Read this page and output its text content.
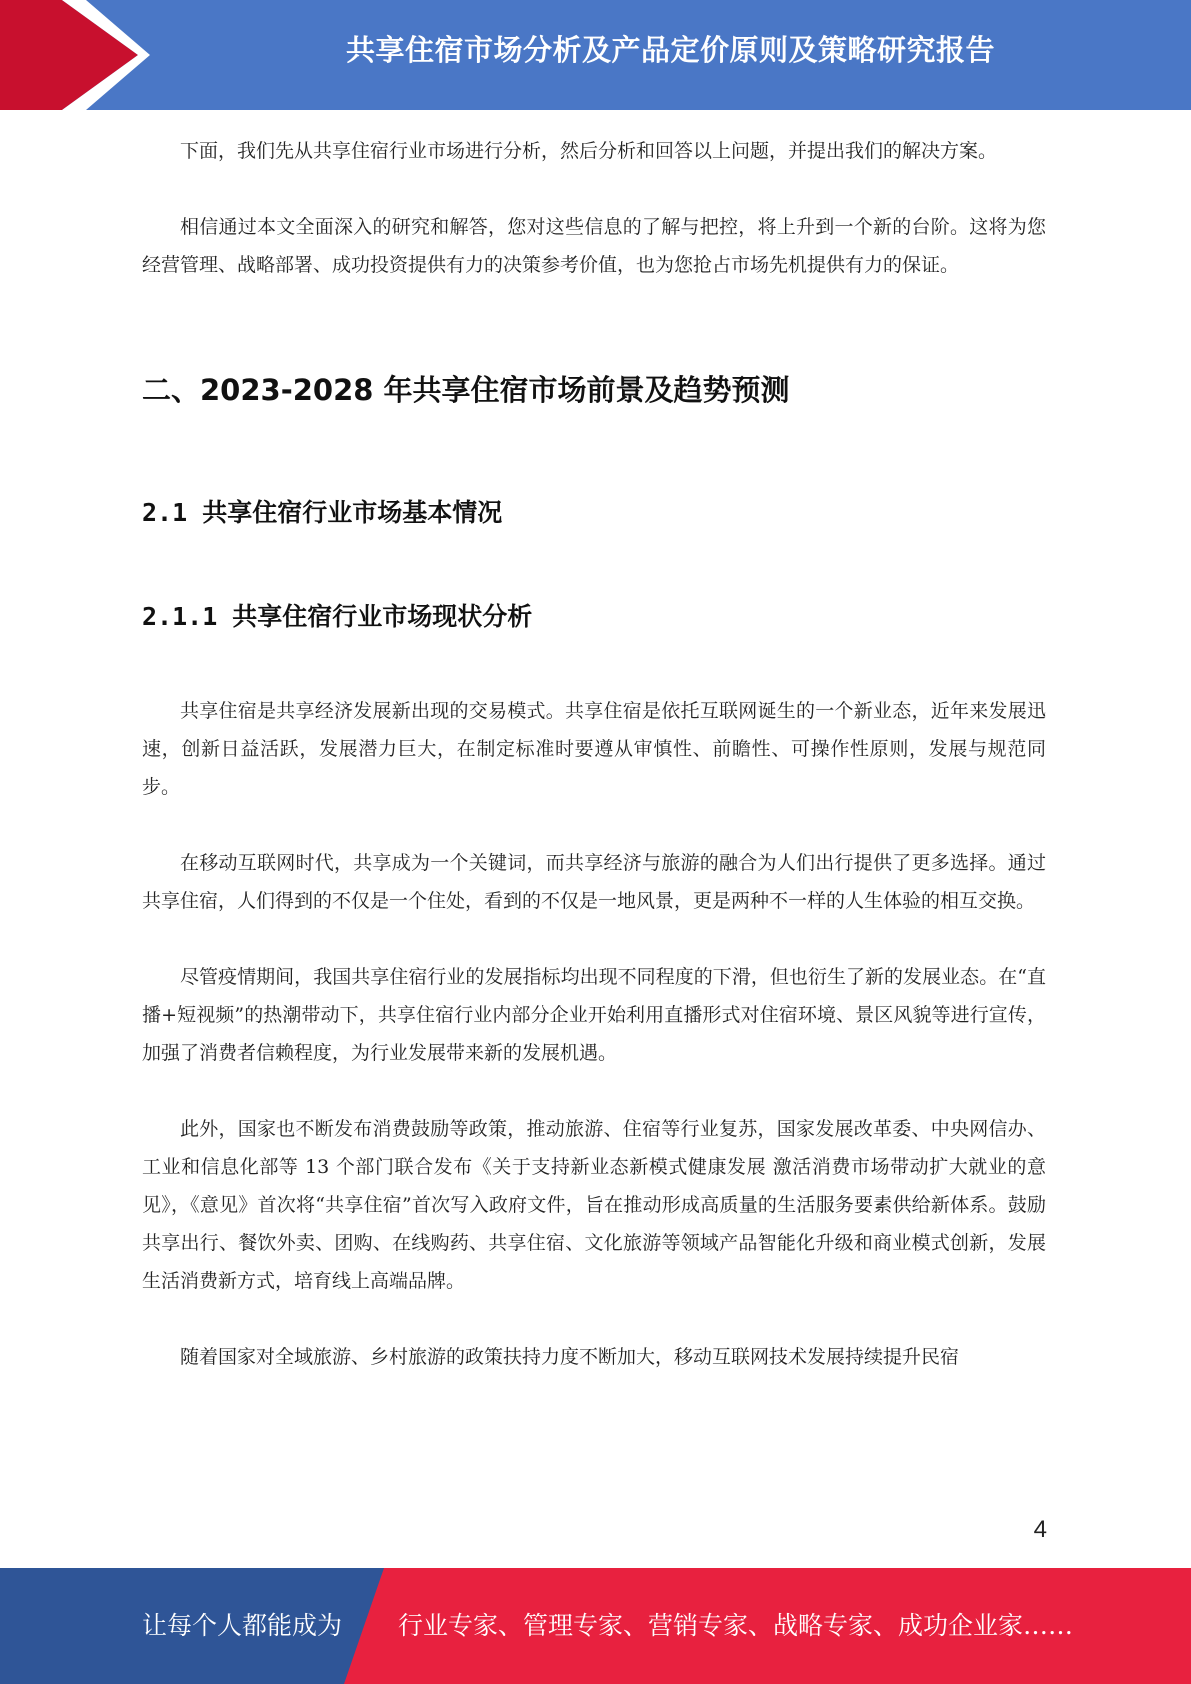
共享住宿市场分析及产品定价原则及策略研究报告

下面，我们先从共享住宿行业市场进行分析，然后分析和回答以上问题，并提出我们的解决方案。

相信通过本文全面深入的研究和解答，您对这些信息的了解与把控，将上升到一个新的台阶。这将为您经营管理、战略部署、成功投资提供有力的决策参考价值，也为您抢占市场先机提供有力的保证。

二、2023-2028 年共享住宿市场前景及趋势预测
2.1 共享住宿行业市场基本情况
2.1.1 共享住宿行业市场现状分析

共享住宿是共享经济发展新出现的交易模式。共享住宿是依托互联网诞生的一个新业态，近年来发展迅速，创新日益活跃，发展潜力巨大，在制定标准时要遵从审慎性、前瞻性、可操作性原则，发展与规范同步。

在移动互联网时代，共享成为一个关键词，而共享经济与旅游的融合为人们出行提供了更多选择。通过共享住宿，人们得到的不仅是一个住处，看到的不仅是一地风景，更是两种不一样的人生体验的相互交换。

尽管疫情期间，我国共享住宿行业的发展指标均出现不同程度的下滑，但也衍生了新的发展业态。在“直播+短视频”的热潮带动下，共享住宿行业内部分企业开始利用直播形式对住宿环境、景区风貌等进行宣传，加强了消费者信赖程度，为行业发展带来新的发展机遇。

此外，国家也不断发布消费鼓励等政策，推动旅游、住宿等行业复苏，国家发展改革委、中央网信办、工业和信息化部等 13 个部门联合发布《关于支持新业态新模式健康发展 激活消费市场带动扩大就业的意见》，《意见》首次将“共享住宿”首次写入政府文件，旨在推动形成高质量的生活服务要素供给新体系。鼓励共享出行、餐饮外卖、团购、在线购药、共享住宿、文化旅游等领域产品智能化升级和商业模式创新，发展生活消费新方式，培育线上高端品牌。

随着国家对全域旅游、乡村旅游的政策扶持力度不断加大，移动互联网技术发展持续提升民宿

4
让每个人都能成为 行业专家、管理专家、营销专家、战略专家、成功企业家……
